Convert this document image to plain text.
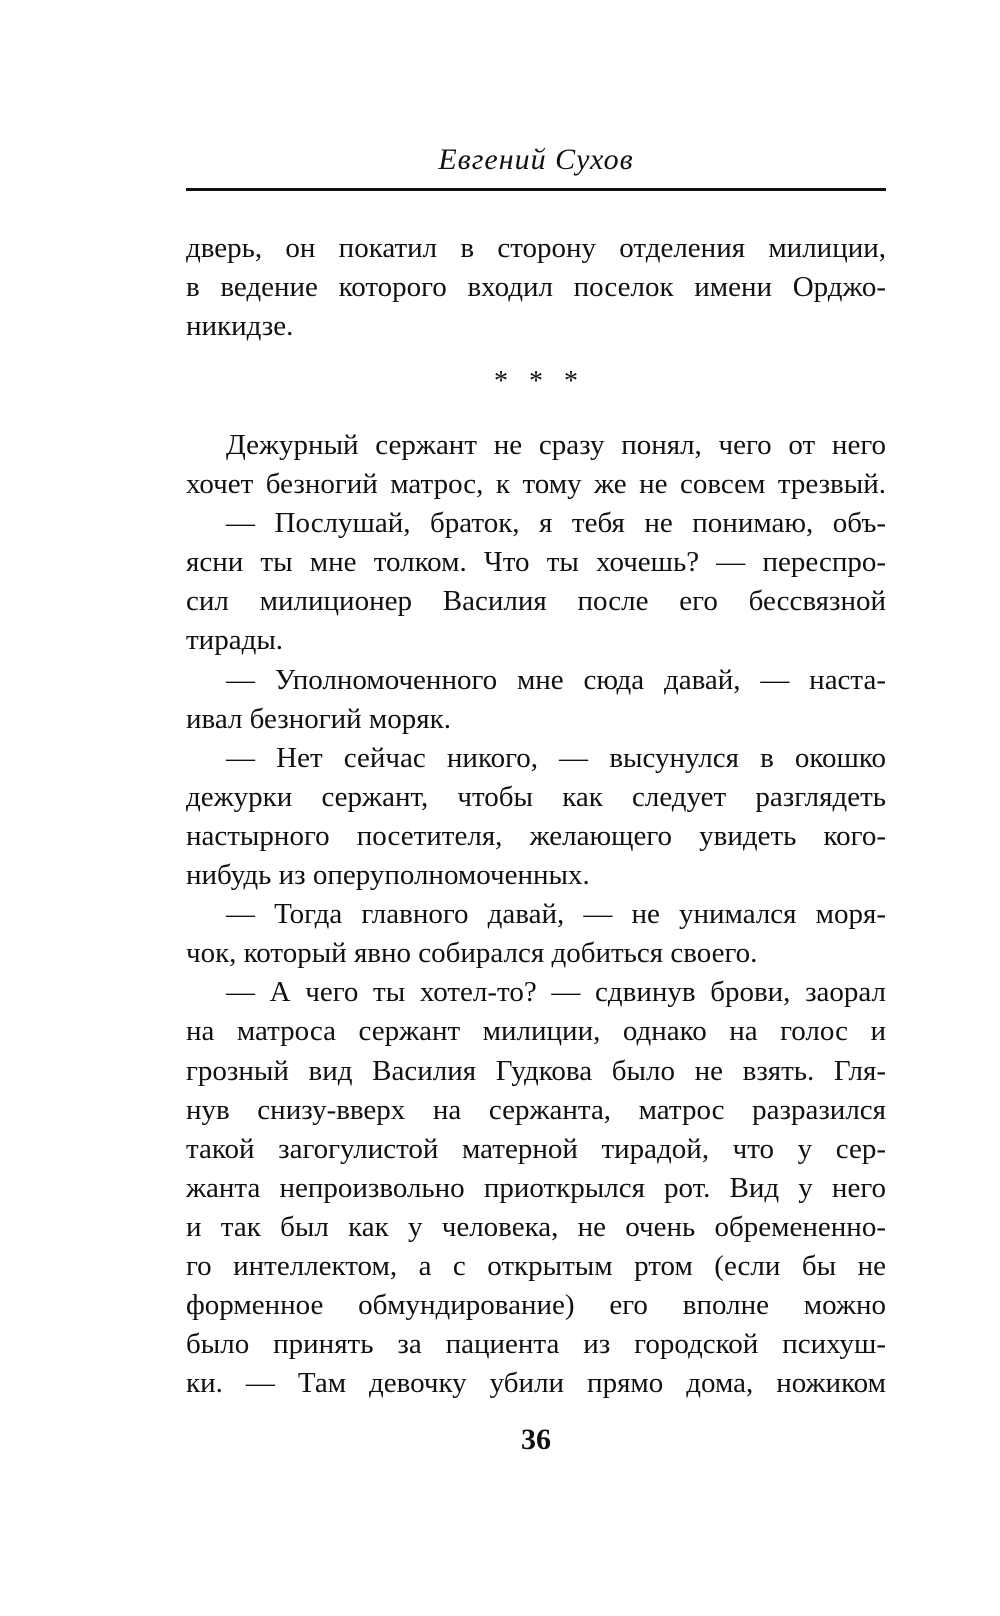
Евгений Сухов
дверь, он покатил в сторону отделения милиции,
в ведение которого входил поселок имени Орджо-
никидзе.
* * *
Дежурный сержант не сразу понял, чего от него
хочет безногий матрос, к тому же не совсем трезвый.
— Послушай, браток, я тебя не понимаю, объ-
ясни ты мне толком. Что ты хочешь? — переспро-
сил милиционер Василия после его бессвязной
тирады.
— Уполномоченного мне сюда давай, — наста-
ивал безногий моряк.
— Нет сейчас никого, — высунулся в окошко
дежурки сержант, чтобы как следует разглядеть
настырного посетителя, желающего увидеть кого-
нибудь из оперуполномоченных.
— Тогда главного давай, — не унимался моря-
чок, который явно собирался добиться своего.
— А чего ты хотел-то? — сдвинув брови, заорал
на матроса сержант милиции, однако на голос и
грозный вид Василия Гудкова было не взять. Гля-
нув снизу-вверх на сержанта, матрос разразился
такой загогулистой матерной тирадой, что у сер-
жанта непроизвольно приоткрылся рот. Вид у него
и так был как у человека, не очень обремененно-
го интеллектом, а с открытым ртом (если бы не
форменное обмундирование) его вполне можно
было принять за пациента из городской психуш-
ки. — Там девочку убили прямо дома, ножиком
36
